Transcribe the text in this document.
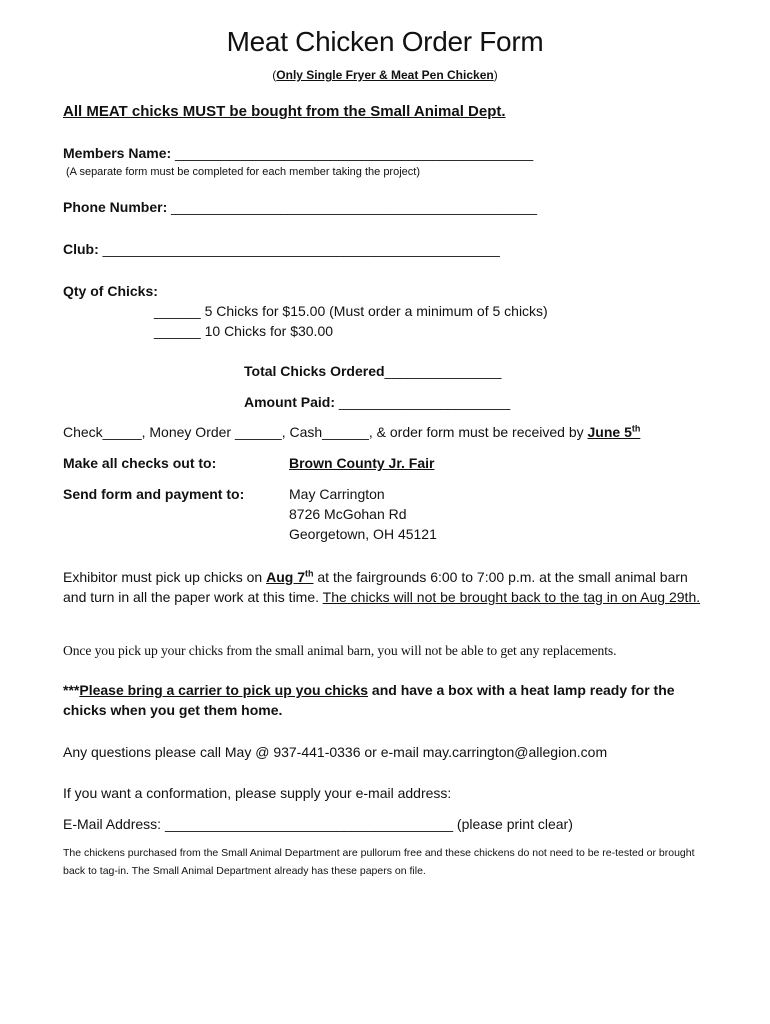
Meat Chicken Order Form
(Only Single Fryer & Meat Pen Chicken)
All MEAT chicks MUST be bought from the Small Animal Dept.
Members Name: ______________________________________________
(A separate form must be completed for each member taking the project)
Phone Number: _______________________________________________
Club: ___________________________________________________
Qty of Chicks:
______ 5 Chicks for $15.00 (Must order a minimum of 5 chicks)
______ 10 Chicks for $30.00
Total Chicks Ordered_______________
Amount Paid: ______________________
Check_____, Money Order ______, Cash______, & order form must be received by June 5th
Make all checks out to:	Brown County Jr. Fair
Send form and payment to:	May Carrington
8726 McGohan Rd
Georgetown, OH 45121
Exhibitor must pick up chicks on Aug 7th at the fairgrounds 6:00 to 7:00 p.m. at the small animal barn and turn in all the paper work at this time. The chicks will not be brought back to the tag in on Aug 29th.
Once you pick up your chicks from the small animal barn, you will not be able to get any replacements.
***Please bring a carrier to pick up you chicks and have a box with a heat lamp ready for the chicks when you get them home.
Any questions please call May @ 937-441-0336 or e-mail may.carrington@allegion.com
If you want a conformation, please supply your e-mail address:
E-Mail Address: _____________________________________ (please print clear)
The chickens purchased from the Small Animal Department are pullorum free and these chickens do not need to be re-tested or brought back to tag-in. The Small Animal Department already has these papers on file.
